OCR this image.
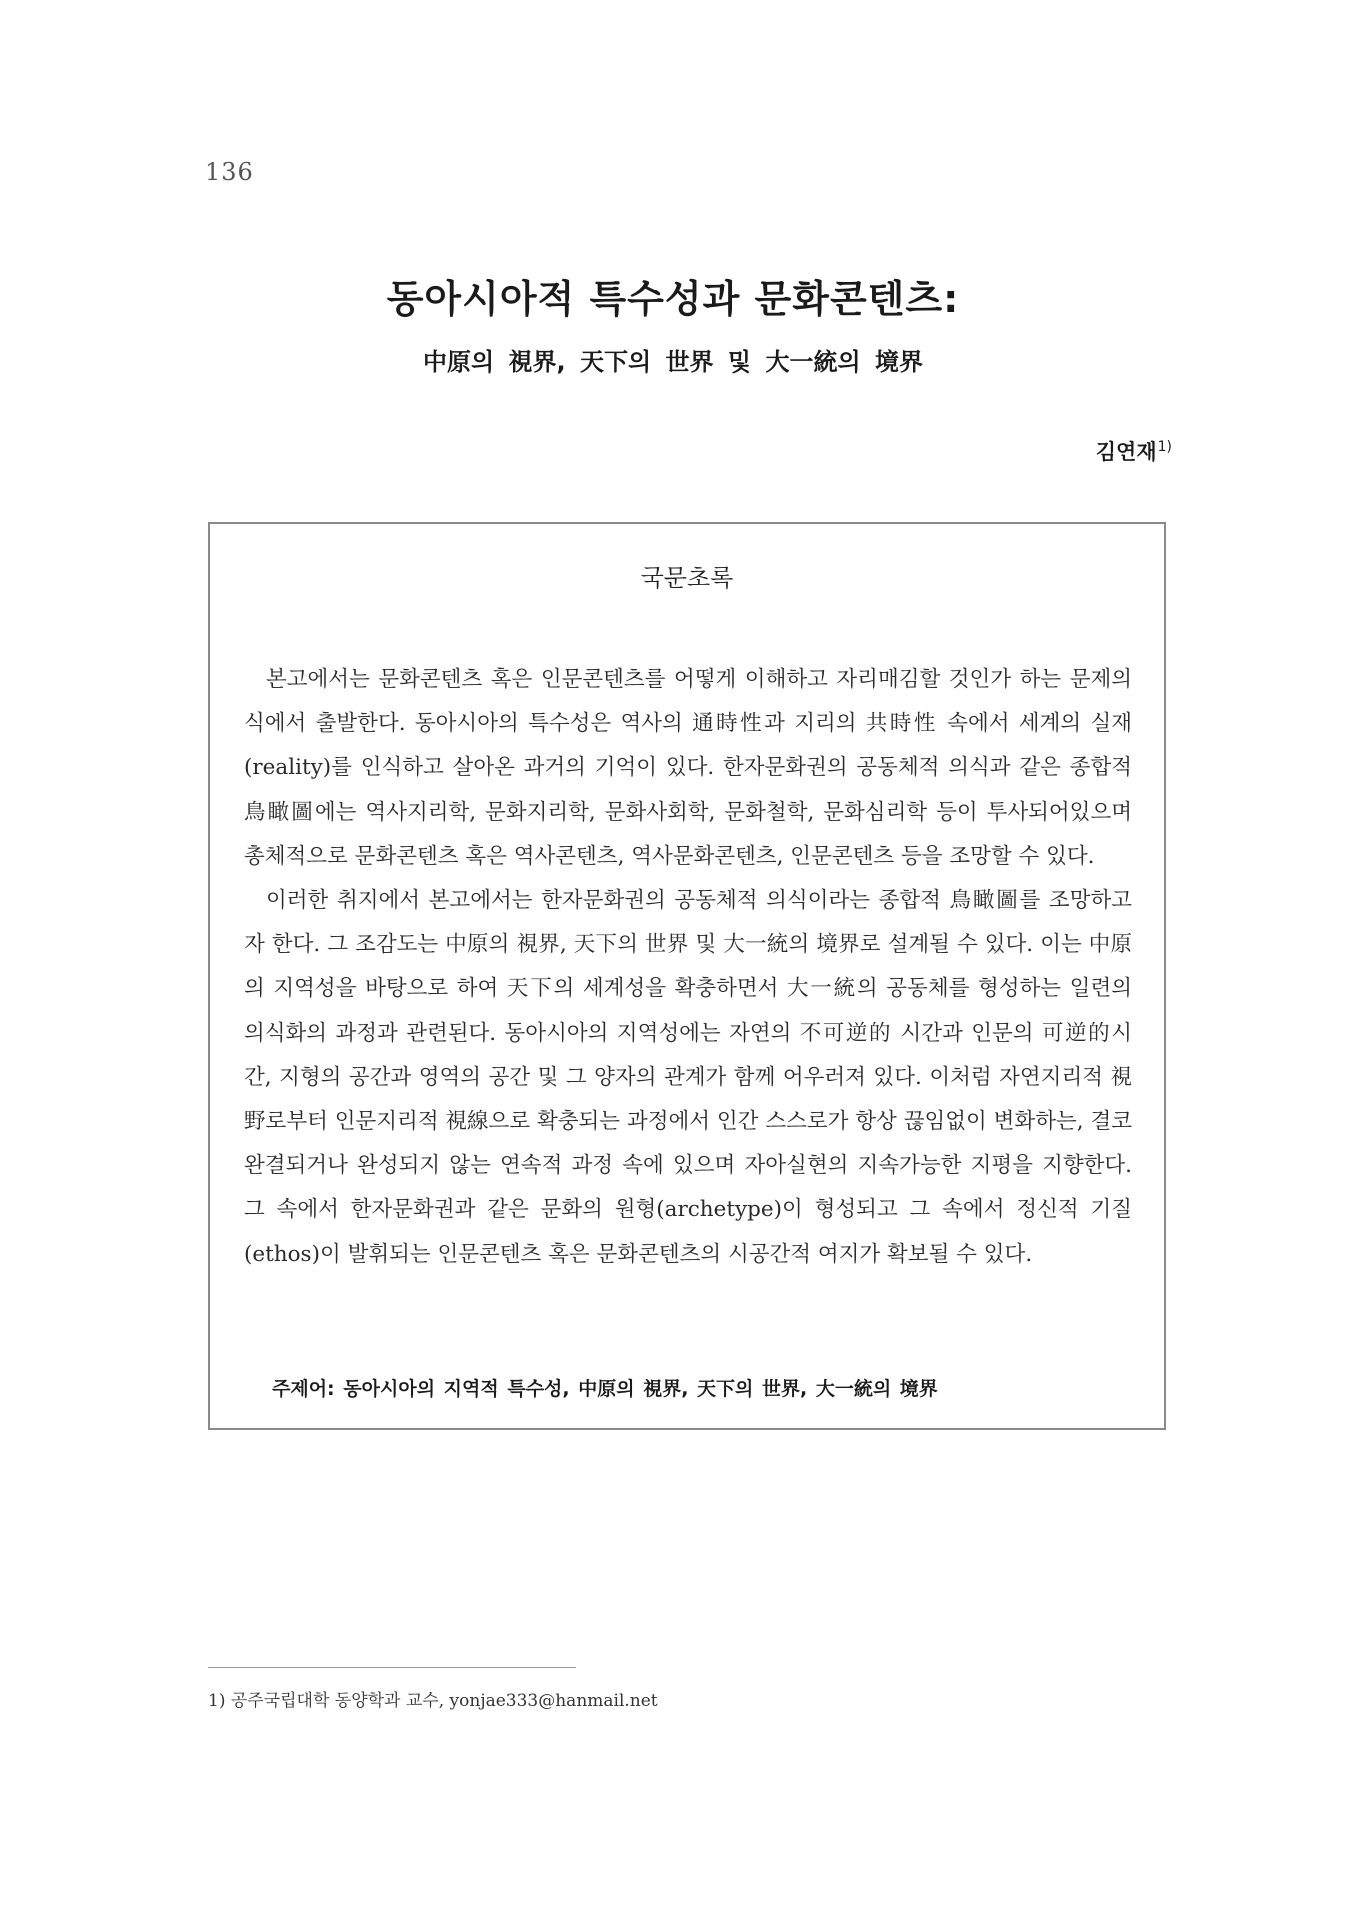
136
동아시아적 특수성과 문화콘텐츠:
中原의 視界, 天下의 世界 및 大一統의 境界
김연재$^{1)}$
국문초록

본고에서는 문화콘텐츠 혹은 인문콘텐츠를 어떻게 이해하고 자리매김할 것인가 하는 문제의식에서 출발한다. 동아시아의 특수성은 역사의 通時性과 지리의 共時性 속에서 세계의 실재(reality)를 인식하고 살아온 과거의 기억이 있다. 한자문화권의 공동체적 의식과 같은 종합적 鳥瞰圖에는 역사지리학, 문화지리학, 문화사회학, 문화철학, 문화심리학 등이 투사되어있으며 총체적으로 문화콘텐츠 혹은 역사콘텐츠, 역사문화콘텐츠, 인문콘텐츠 등을 조망할 수 있다.

이러한 취지에서 본고에서는 한자문화권의 공동체적 의식이라는 종합적 鳥瞰圖를 조망하고자 한다. 그 조감도는 中原의 視界, 天下의 世界 및 大一統의 境界로 설계될 수 있다. 이는 中原의 지역성을 바탕으로 하여 天下의 세계성을 확충하면서 大一統의 공동체를 형성하는 일련의 의식화의 과정과 관련된다. 동아시아의 지역성에는 자연의 不可逆的 시간과 인문의 可逆的시간, 지형의 공간과 영역의 공간 및 그 양자의 관계가 함께 어우러져 있다. 이처럼 자연지리적 視野로부터 인문지리적 視線으로 확충되는 과정에서 인간 스스로가 항상 끊임없이 변화하는, 결코 완결되거나 완성되지 않는 연속적 과정 속에 있으며 자아실현의 지속가능한 지평을 지향한다. 그 속에서 한자문화권과 같은 문화의 원형(archetype)이 형성되고 그 속에서 정신적 기질(ethos)이 발휘되는 인문콘텐츠 혹은 문화콘텐츠의 시공간적 여지가 확보될 수 있다.

주제어: 동아시아의 지역적 특수성, 中原의 視界, 天下의 世界, 大一統의 境界
1) 공주국립대학 동양학과 교수, yonjae333@hanmail.net
